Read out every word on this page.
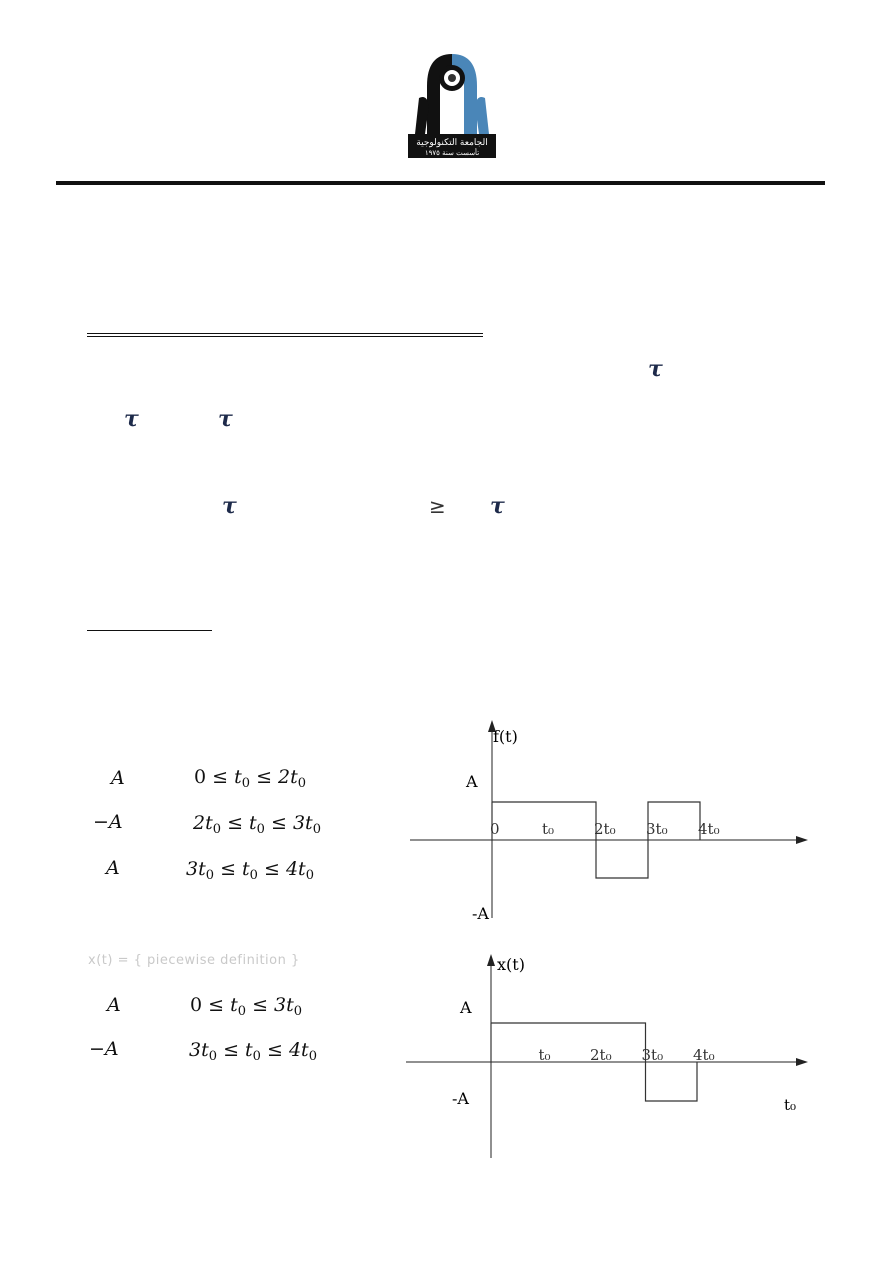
الجامعة التكنولوجية
تأسست سنة ١٩٧٥
τ
τ	τ
τ	≥ τ
A	$0 \le t_0 \le 2t_0$
−A	$2t_0 \le t_0 \le 3t_0$
A	$3t_0 \le t_0 \le 4t_0$
x(t) = { piecewise definition }
A	$0 \le t_0 \le 3t_0$
−A	$3t_0 \le t_0 \le 4t_0$
f(t)
A
-A
0	t₀	2t₀ 3t₀ 4t₀
x(t)
A
-A	t₀
t₀	2t₀ 3t₀ 4t₀
